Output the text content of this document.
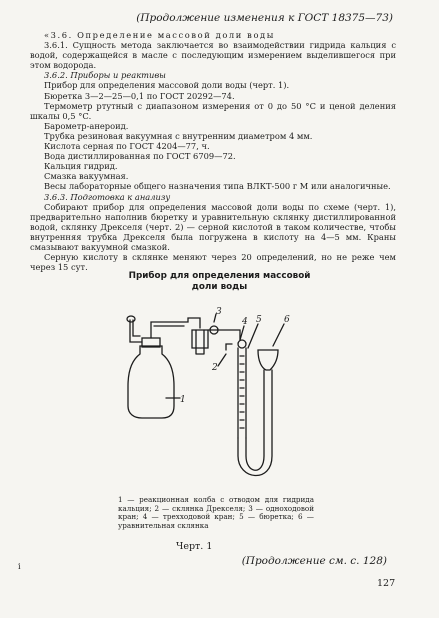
(Продолжение изменения к ГОСТ 18375—73)

«3.6. Определение массовой доли воды

3.6.1. Сущность метода заключается во взаимодействии гидрида кальция с водой, содержащейся в масле с последующим измерением выделившегося при этом водорода.

3.6.2. Приборы и реактивы

Прибор для определения массовой доли воды (черт. 1).

Бюретка 3—2—25—0,1 по ГОСТ 20292—74.

Термометр ртутный с диапазоном измерения от 0 до 50 °С и ценой деления шкалы 0,5 °С.

Барометр-анероид.

Трубка резиновая вакуумная с внутренним диаметром 4 мм.

Кислота серная по ГОСТ 4204—77, ч.

Вода дистиллированная по ГОСТ 6709—72.

Кальция гидрид.

Смазка вакуумная.

Весы лабораторные общего назначения типа ВЛКТ-500 г М или аналогичные.

3.6.3. Подготовка к анализу

Собирают прибор для определения массовой доли воды по схеме (черт. 1), предварительно наполнив бюретку и уравнительную склянку дистиллированной водой, склянку Дрекселя (черт. 2) — серной кислотой в таком количестве, чтобы внутренняя трубка Дрекселя была погружена в кислоту на 4—5 мм. Краны смазывают вакуумной смазкой.

Серную кислоту в склянке меняют через 20 определений, но не реже чем через 15 сут.

Прибор для определения массовой
доли воды
1
2
3
4 5 6
1 — реакционная колба с отводом для гидрида кальция; 2 — склянка Дрекселя; 3 — одноходовой кран; 4 — трехходовой кран; 5 — бюретка; 6 — уравнительная склянка
Черт. 1
і	(Продолжение см. с. 128)
127
